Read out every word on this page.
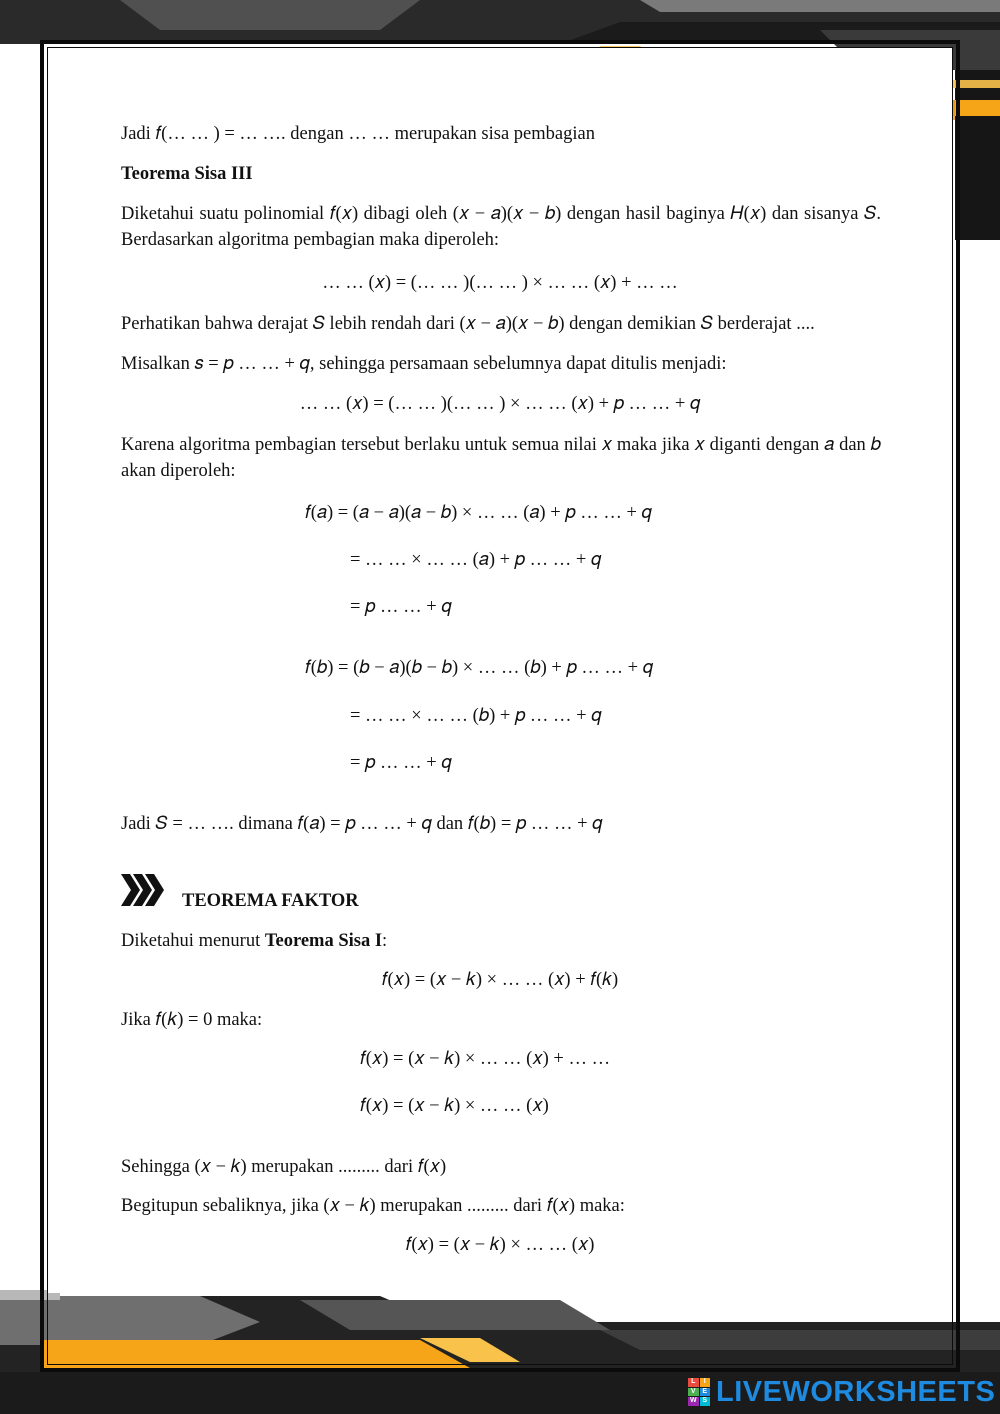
Jadi 𝑓(… … ) = … …. dengan … … merupakan sisa pembagian
Teorema Sisa III
Diketahui suatu polinomial 𝑓(𝑥) dibagi oleh (𝑥 − 𝑎)(𝑥 − 𝑏) dengan hasil baginya 𝐻(𝑥) dan sisanya 𝑆. Berdasarkan algoritma pembagian maka diperoleh:
… … (𝑥) = (… … )(… … ) × … … (𝑥) + … …
Perhatikan bahwa derajat 𝑆 lebih rendah dari (𝑥 − 𝑎)(𝑥 − 𝑏) dengan demikian 𝑆 berderajat ....
Misalkan 𝑠 = 𝑝 … … + 𝑞, sehingga persamaan sebelumnya dapat ditulis menjadi:
… … (𝑥) = (… … )(… … ) × … … (𝑥) + 𝑝 … … + 𝑞
Karena algoritma pembagian tersebut berlaku untuk semua nilai 𝑥 maka jika 𝑥 diganti dengan 𝑎 dan 𝑏 akan diperoleh:
𝑓(𝑎) = (𝑎 − 𝑎)(𝑎 − 𝑏) × … … (𝑎) + 𝑝 … … + 𝑞
= … … × … … (𝑎) + 𝑝 … … + 𝑞
= 𝑝 … … + 𝑞
𝑓(𝑏) = (𝑏 − 𝑎)(𝑏 − 𝑏) × … … (𝑏) + 𝑝 … … + 𝑞
= … … × … … (𝑏) + 𝑝 … … + 𝑞
= 𝑝 … … + 𝑞
Jadi 𝑆 = … …. dimana 𝑓(𝑎) = 𝑝 … … + 𝑞 dan 𝑓(𝑏) = 𝑝 … … + 𝑞
TEOREMA FAKTOR
Diketahui menurut Teorema Sisa I:
𝑓(𝑥) = (𝑥 − 𝑘) × … … (𝑥) + 𝑓(𝑘)
Jika 𝑓(𝑘) = 0 maka:
𝑓(𝑥) = (𝑥 − 𝑘) × … … (𝑥) + … …
𝑓(𝑥) = (𝑥 − 𝑘) × … … (𝑥)
Sehingga (𝑥 − 𝑘) merupakan ......... dari 𝑓(𝑥)
Begitupun sebaliknya, jika (𝑥 − 𝑘) merupakan ......... dari 𝑓(𝑥) maka:
𝑓(𝑥) = (𝑥 − 𝑘) × … … (𝑥)
L	I
V E
W S LIVEWORKSHEETS
